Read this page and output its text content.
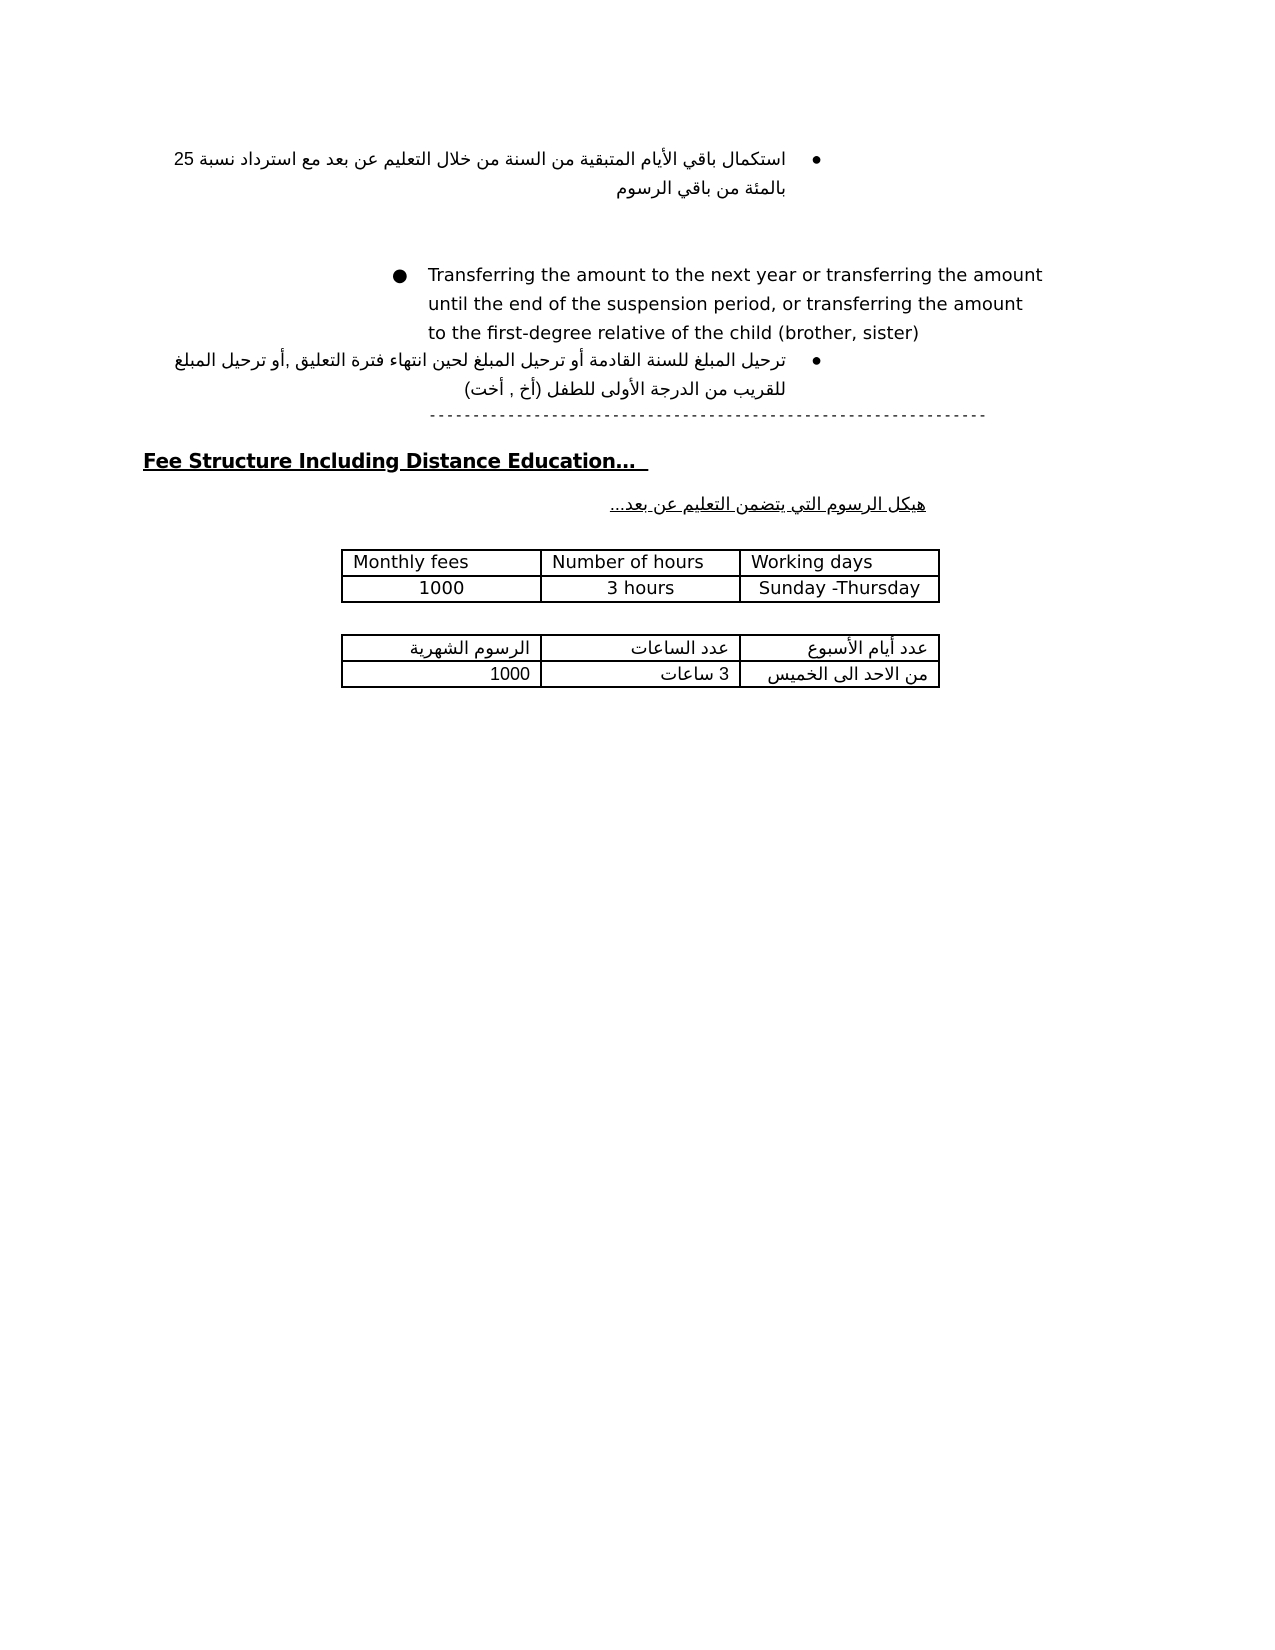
●
استكمال باقي الأيام المتبقية من السنة من خلال التعليم عن بعد مع استرداد نسبة 25 بالمئة من باقي الرسوم
● Transferring the amount to the next year or transferring the amount until the end of the suspension period, or transferring the amount to the first-degree relative of the child (brother, sister)
●
ترحيل المبلغ للسنة القادمة أو ترحيل المبلغ لحين انتهاء فترة التعليق ,أو ترحيل المبلغ للقريب من الدرجة الأولى للطفل (أخ , أخت)
----------------------------------------------------------------
Fee Structure Including Distance Education…
هيكل الرسوم التي يتضمن التعليم عن بعد...
Monthly fees	Number of hours	Working days
1000	3 hours	Sunday -Thursday
عدد أيام الأسبوع	عدد الساعات	الرسوم الشهرية
من الاحد الى الخميس	3 ساعات	1000
